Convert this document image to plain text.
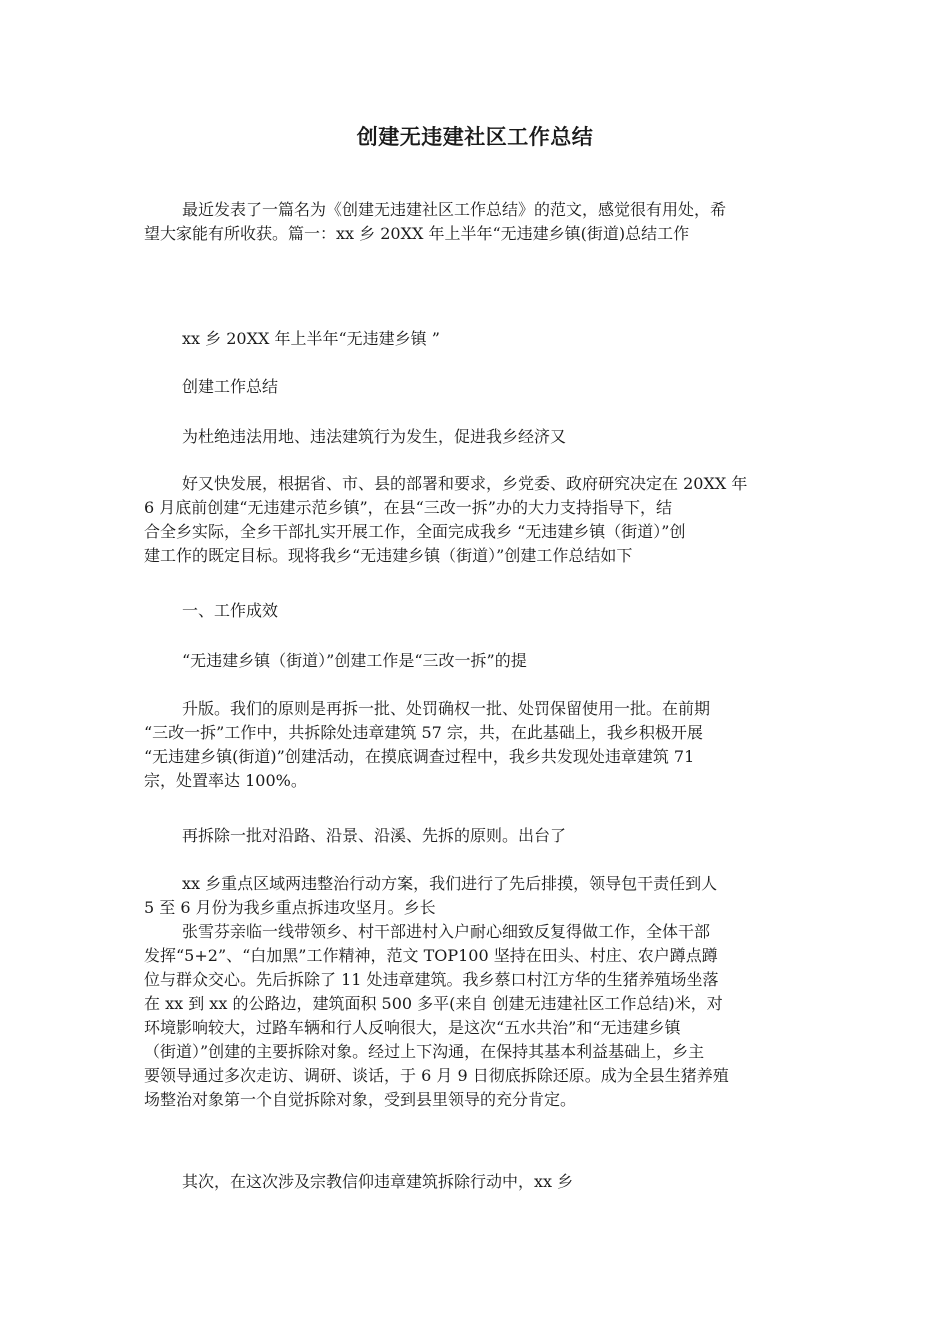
创建无违建社区工作总结
最近发表了一篇名为《创建无违建社区工作总结》的范文，感觉很有用处，希
望大家能有所收获。篇一：xx 乡 20XX 年上半年“无违建乡镇(街道)总结工作
xx 乡 20XX 年上半年“无违建乡镇 ”
创建工作总结
为杜绝违法用地、违法建筑行为发生，促进我乡经济又
好又快发展，根据省、市、县的部署和要求，乡党委、政府研究决定在 20XX 年
6 月底前创建“无违建示范乡镇”，在县“三改一拆”办的大力支持指导下，结
合全乡实际，全乡干部扎实开展工作，全面完成我乡 “无违建乡镇（街道）”创
建工作的既定目标。现将我乡“无违建乡镇（街道）”创建工作总结如下
一、工作成效
“无违建乡镇（街道）”创建工作是“三改一拆”的提
升版。我们的原则是再拆一批、处罚确权一批、处罚保留使用一批。在前期
“三改一拆”工作中，共拆除处违章建筑 57 宗，共，在此基础上，我乡积极开展
“无违建乡镇(街道)”创建活动，在摸底调查过程中，我乡共发现处违章建筑 71
宗，处置率达 100%。
再拆除一批对沿路、沿景、沿溪、先拆的原则。出台了
xx 乡重点区域两违整治行动方案，我们进行了先后排摸，领导包干责任到人
5 至 6 月份为我乡重点拆违攻坚月。乡长
张雪芬亲临一线带领乡、村干部进村入户耐心细致反复得做工作，全体干部
发挥“5+2”、“白加黑”工作精神，范文 TOP100 坚持在田头、村庄、农户蹲点蹲
位与群众交心。先后拆除了 11 处违章建筑。我乡蔡口村江方华的生猪养殖场坐落
在 xx 到 xx 的公路边，建筑面积 500 多平(来自 创建无违建社区工作总结)米，对
环境影响较大，过路车辆和行人反响很大，是这次“五水共治”和“无违建乡镇
（街道）”创建的主要拆除对象。经过上下沟通，在保持其基本利益基础上，乡主
要领导通过多次走访、调研、谈话，于 6 月 9 日彻底拆除还原。成为全县生猪养殖
场整治对象第一个自觉拆除对象，受到县里领导的充分肯定。
其次，在这次涉及宗教信仰违章建筑拆除行动中，xx 乡
